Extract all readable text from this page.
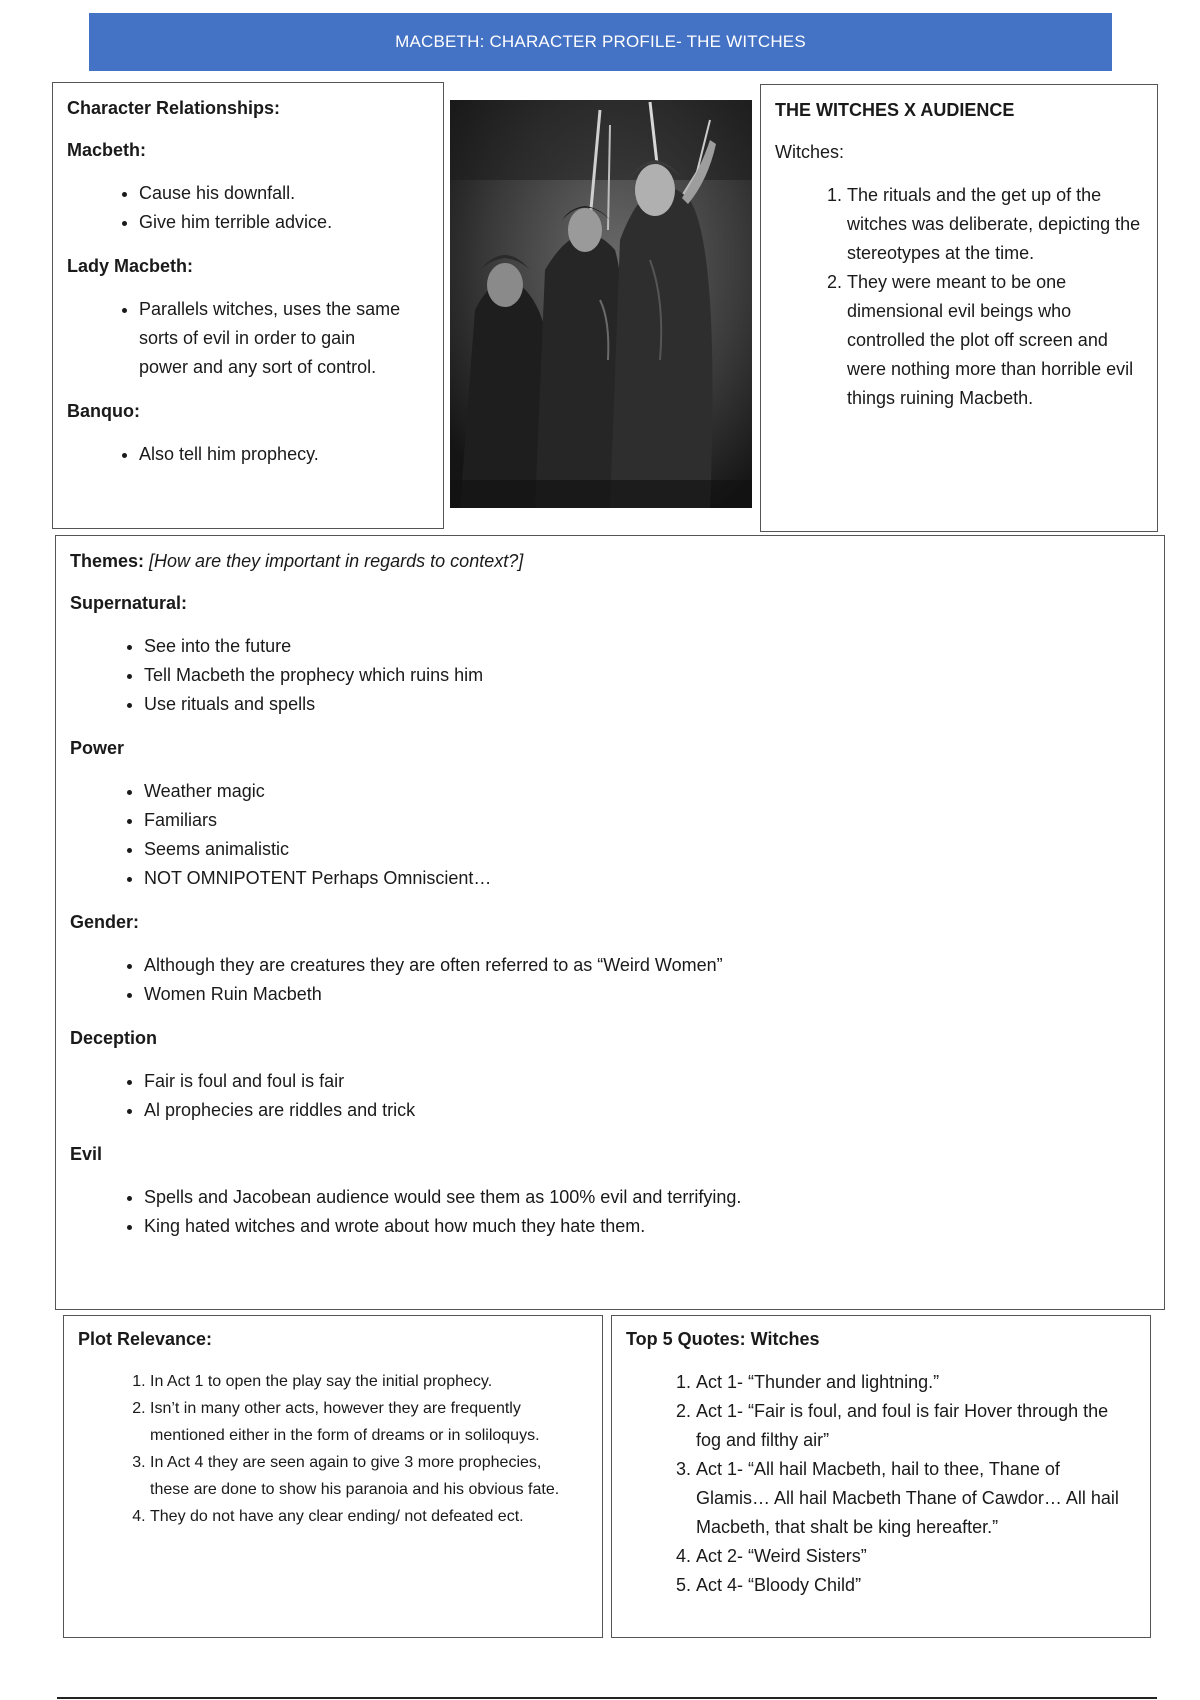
MACBETH: CHARACTER PROFILE- THE WITCHES

Character Relationships:

Macbeth:

• Cause his downfall.
• Give him terrible advice.

Lady Macbeth:

• Parallels witches, uses the same sorts of evil in order to gain power and any sort of control.

Banquo:

• Also tell him prophecy.

THE WITCHES X AUDIENCE

Witches:

1. The rituals and the get up of the witches was deliberate, depicting the stereotypes at the time.
2. They were meant to be one dimensional evil beings who controlled the plot off screen and were nothing more than horrible evil things ruining Macbeth.

Themes: [How are they important in regards to context?]

Supernatural:

• See into the future
• Tell Macbeth the prophecy which ruins him
• Use rituals and spells

Power

• Weather magic
• Familiars
• Seems animalistic
• NOT OMNIPOTENT Perhaps Omniscient…

Gender:

• Although they are creatures they are often referred to as “Weird Women”
• Women Ruin Macbeth

Deception

• Fair is foul and foul is fair
• Al prophecies are riddles and trick

Evil

• Spells and Jacobean audience would see them as 100% evil and terrifying.
• King hated witches and wrote about how much they hate them.

Plot Relevance:

1. In Act 1 to open the play say the initial prophecy.
2. Isn’t in many other acts, however they are frequently mentioned either in the form of dreams or in soliloquys.
3. In Act 4 they are seen again to give 3 more prophecies, these are done to show his paranoia and his obvious fate.
4. They do not have any clear ending/ not defeated ect.

Top 5 Quotes: Witches

1. Act 1- “Thunder and lightning.”
2. Act 1- “Fair is foul, and foul is fair Hover through the fog and filthy air”
3. Act 1- “All hail Macbeth, hail to thee, Thane of Glamis… All hail Macbeth Thane of Cawdor… All hail Macbeth, that shalt be king hereafter.”
4. Act 2- “Weird Sisters”
5. Act 4- “Bloody Child”
